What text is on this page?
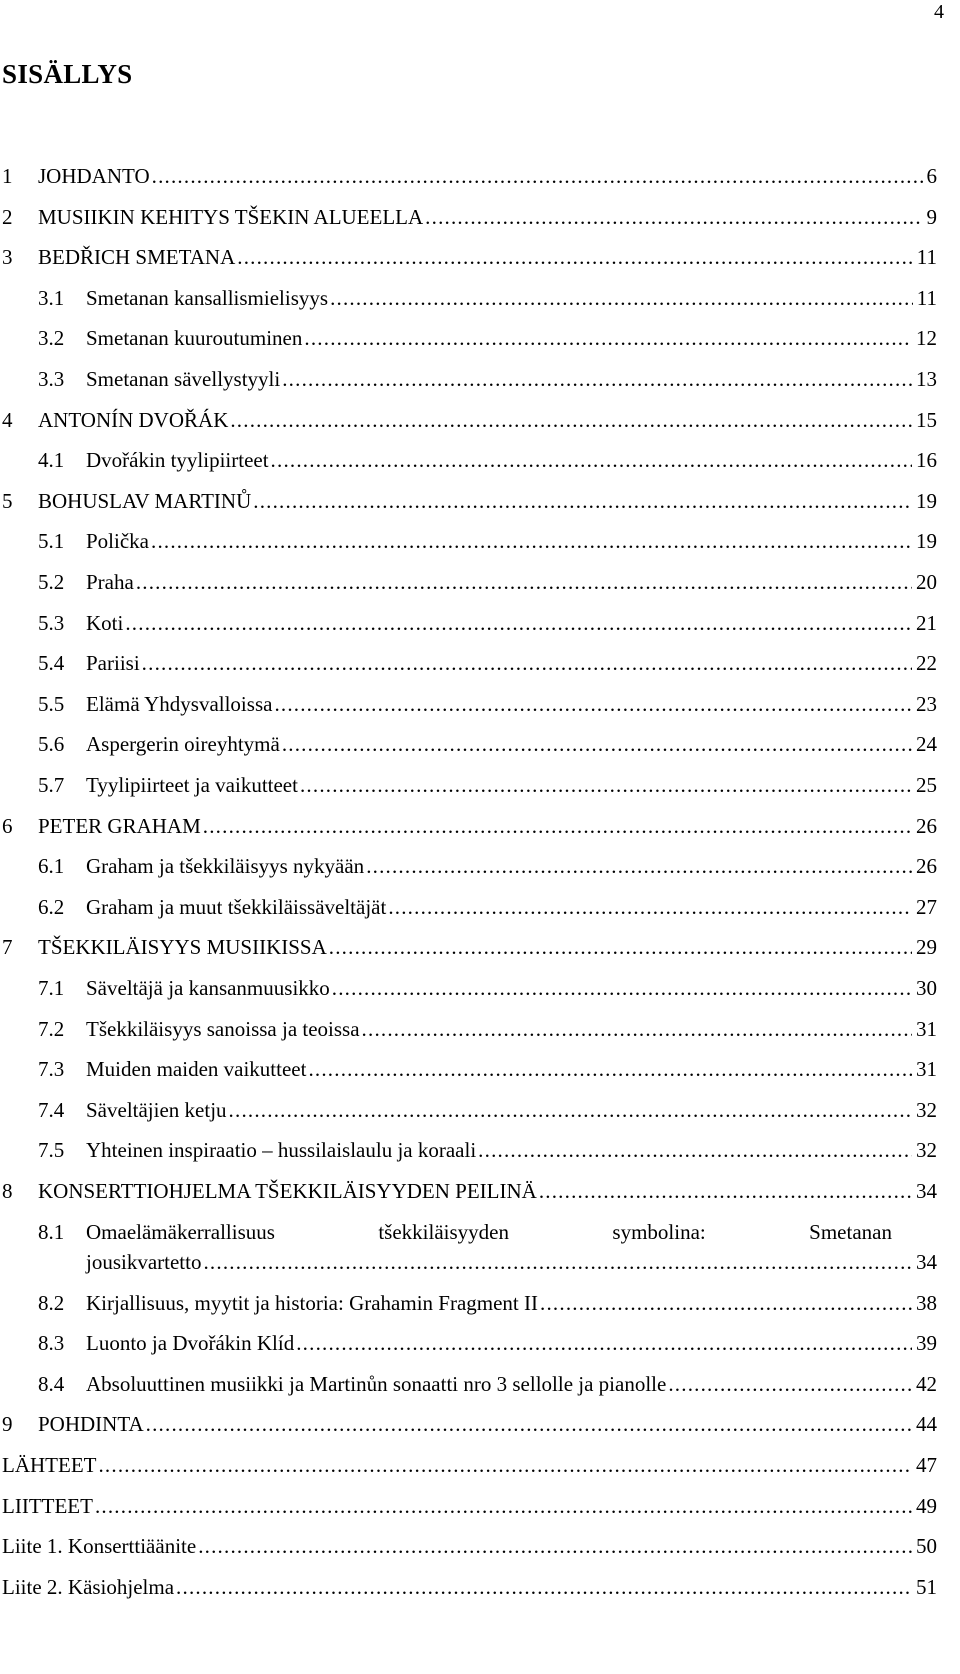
4
SISÄLLYS
1 JOHDANTO .....	6
2 MUSIIKIN KEHITYS TŠEKIN ALUEELLA .....	9
3 BEDŘICH SMETANA .....	11
3.1 Smetanan kansallismielisyys .....	11
3.2 Smetanan kuuroutuminen .....	12
3.3 Smetanan sävellystyyli .....	13
4 ANTONÍN DVOŘÁK .....	15
4.1 Dvořákin tyylipiirteet .....	16
5 BOHUSLAV MARTINŮ .....	19
5.1 Polička .....	19
5.2 Praha .....	20
5.3 Koti .....	21
5.4 Pariisi .....	22
5.5 Elämä Yhdysvalloissa .....	23
5.6 Aspergerin oireyhtymä .....	24
5.7 Tyylipiirteet ja vaikutteet .....	25
6 PETER GRAHAM .....	26
6.1 Graham ja tšekkiläisyys nykyään .....	26
6.2 Graham ja muut tšekkiläissäveltäjät .....	27
7 TŠEKKILÄISYYS MUSIIKISSA .....	29
7.1 Säveltäjä ja kansanmuusikko .....	30
7.2 Tšekkiläisyys sanoissa ja teoissa .....	31
7.3 Muiden maiden vaikutteet .....	31
7.4 Säveltäjien ketju .....	32
7.5 Yhteinen inspiraatio – hussilaislaulu ja koraali .....	32
8 KONSERTTIOHJELMA TŠEKKILÄISYYDEN PEILINÄ .....	34
8.1 Omaelämäkerrallisuus	tšekkiläisyyden	symbolina:	Smetanan
jousikvartetto .....	34
8.2 Kirjallisuus, myytit ja historia: Grahamin Fragment II .....	38
8.3 Luonto ja Dvořákin Klíd .....	39
8.4 Absoluuttinen musiikki ja Martinůn sonaatti nro 3 sellolle ja pianolle .....	42
9 POHDINTA .....	44
LÄHTEET .....	47
LIITTEET .....	49
Liite 1. Konserttiäänite .....	50
Liite 2. Käsiohjelma .....	51
